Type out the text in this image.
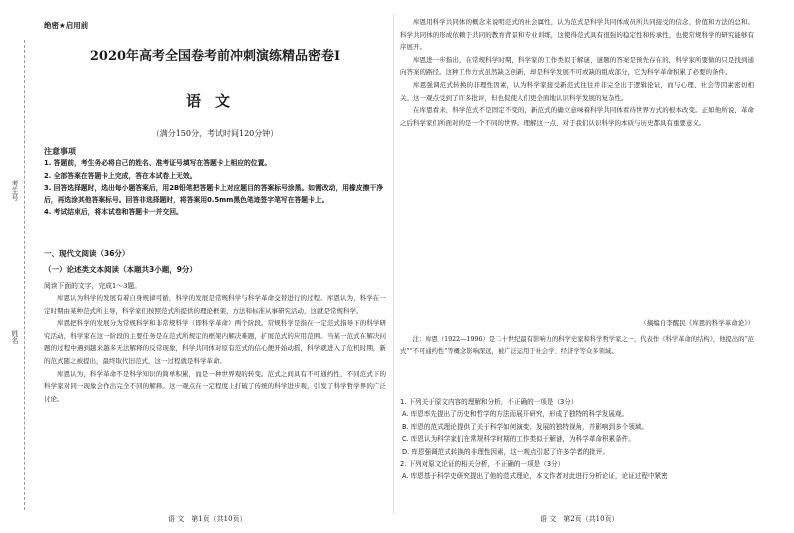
考生号
姓名
绝密★启用前
2020年高考全国卷考前冲刺演练精品密卷Ⅰ
语文
（满分150分，考试时间120分钟）
注意事项

1. 答题前，考生务必将自己的姓名、准考证号填写在答题卡上相应的位置。

2. 全部答案在答题卡上完成，答在本试卷上无效。

3. 回答选择题时，选出每小题答案后，用2B铅笔把答题卡上对应题目的答案标号涂黑。如需改动，用橡皮擦干净后，再选涂其他答案标号。回答非选择题时，将答案用0.5mm黑色笔迹签字笔写在答题卡上。

4. 考试结束后，将本试卷和答题卡一并交回。

一、现代文阅读（36分）
（一）论述类文本阅读（本题共3小题，9分）
阅读下面的文字，完成1～3题。

库恩认为科学的发展有着自身规律可循，科学的发展是常规科学与科学革命交替进行的过程。库恩认为，科学在一定时期由某种范式所主导，科学家们按照范式所提供的理论框架、方法和标准从事研究活动，这就是常规科学。

库恩把科学的发展分为常规科学和非常规科学（即科学革命）两个阶段。常规科学是指在一定范式指导下的科学研究活动，科学家在这一阶段的主要任务是在范式所规定的框架内解决难题，扩展范式的应用范围。当某一范式在解决问题的过程中遇到越来越多无法解释的反常现象，科学共同体对原有范式的信心便开始动摇，科学就进入了危机时期，新的范式随之被提出，最终取代旧范式，这一过程就是科学革命。

库恩认为，科学革命不是科学知识的简单积累，而是一种世界观的转变。范式之间具有不可通约性，不同范式下的科学家对同一现象会作出完全不同的解释。这一观点在一定程度上打破了传统的科学进步观，引发了科学哲学界的广泛讨论。

库恩用科学共同体的概念来说明范式的社会属性，认为范式是科学共同体成员所共同接受的信念、价值和方法的总和。科学共同体的形成依赖于共同的教育背景和专业训练，这使得范式具有很强的稳定性和传承性，也使常规科学的研究能够有序展开。

库恩进一步指出，在常规科学时期，科学家的工作类似于解谜，谜题的答案是预先存在的，科学家所要做的只是找到通向答案的路径。这种工作方式虽然缺乏创新，却是科学发展不可或缺的组成部分，它为科学革命积累了必要的条件。

库恩强调范式转换的非理性因素，认为科学家接受新范式往往并非完全出于逻辑论证，而与心理、社会等因素密切相关。这一观点受到了许多批评，但也促使人们更全面地认识科学发展的复杂性。

在库恩看来，科学范式不是固定不变的，新范式的确立意味着科学共同体看待世界方式的根本改变。正如他所说，革命之后科学家们所面对的是一个不同的世界。理解这一点，对于我们认识科学的本质与历史都具有重要意义。

（摘编自李醒民《库恩的科学革命论》）
注：库恩（1922—1996）是二十世纪最有影响力的科学史家和科学哲学家之一，代表作《科学革命的结构》，他提出的“范式”“不可通约性”等概念影响深远，被广泛运用于社会学、经济学等众多领域。

1. 下列关于原文内容的理解和分析，不正确的一项是（3分）

A. 库恩率先提出了历史和哲学的方法而展开研究，形成了独特的科学发展观。

B. 库恩的范式理论提供了关于科学如何演变、发展的独特视角，并影响到多个领域。

C. 库恩认为科学家们在常规科学时期的工作类似于解谜，为科学革命积累条件。

D. 库恩强调范式转换的非理性因素，这一观点引起了许多学者的批评。

2. 下列对原文论证的相关分析，不正确的一项是（3分）

A. 库恩基于科学史研究提出了他的范式理论，本文作者对此进行分析论证，论证过程中紧密

语 文　第1页（共10页）	语 文　第2页（共10页）
